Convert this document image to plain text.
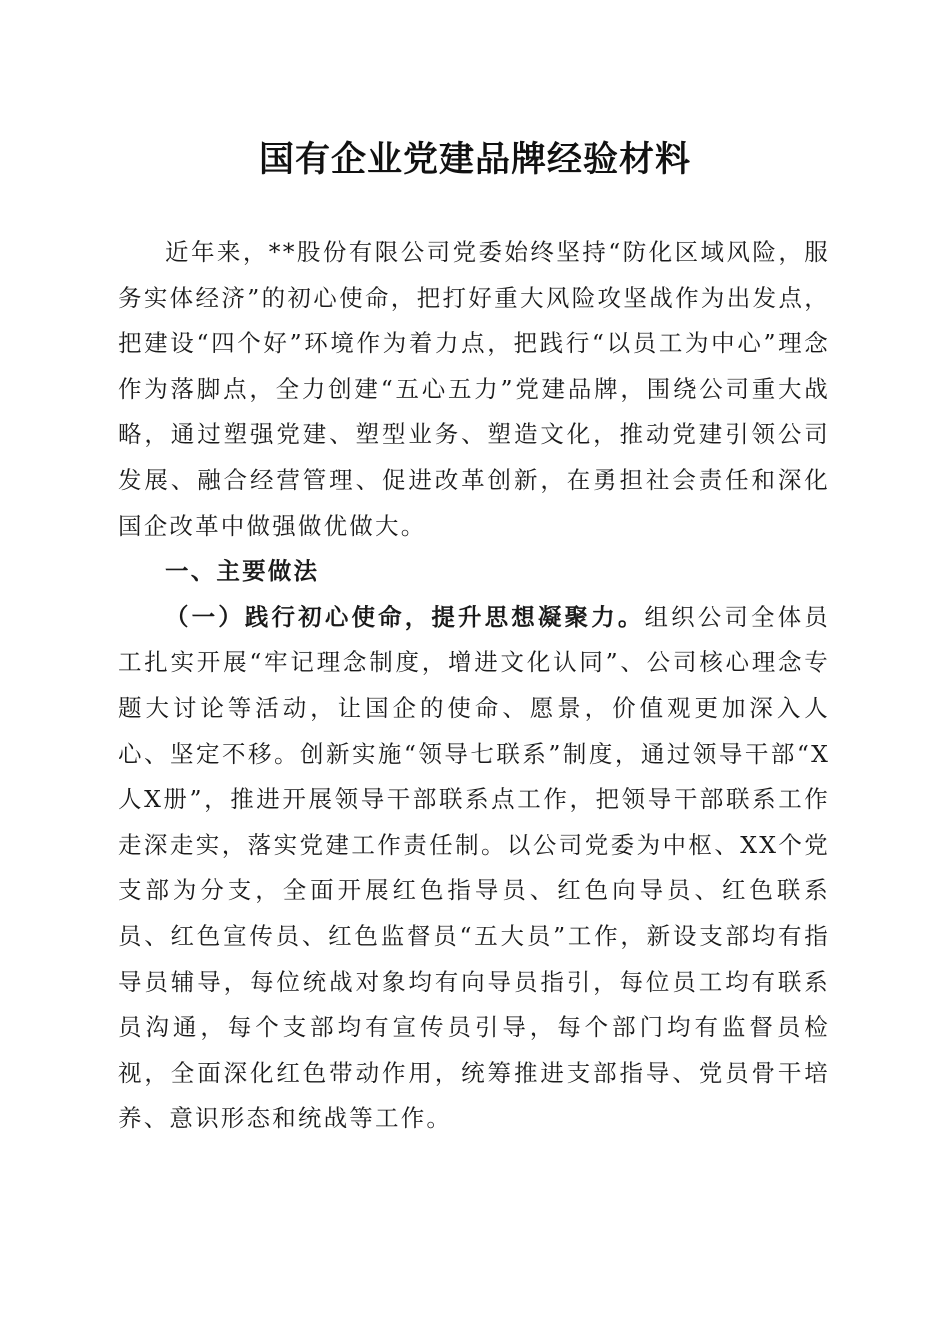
国有企业党建品牌经验材料

近年来，**股份有限公司党委始终坚持“防化区域风险，服务实体经济”的初心使命，把打好重大风险攻坚战作为出发点，把建设“四个好”环境作为着力点，把践行“以员工为中心”理念作为落脚点，全力创建“五心五力”党建品牌，围绕公司重大战略，通过塑强党建、塑型业务、塑造文化，推动党建引领公司发展、融合经营管理、促进改革创新，在勇担社会责任和深化国企改革中做强做优做大。

一、主要做法

（一）践行初心使命，提升思想凝聚力。组织公司全体员工扎实开展“牢记理念制度，增进文化认同”、公司核心理念专题大讨论等活动，让国企的使命、愿景，价值观更加深入人心、坚定不移。创新实施“领导七联系”制度，通过领导干部“X人X册”，推进开展领导干部联系点工作，把领导干部联系工作走深走实，落实党建工作责任制。以公司党委为中枢、XX个党支部为分支，全面开展红色指导员、红色向导员、红色联系员、红色宣传员、红色监督员“五大员”工作，新设支部均有指导员辅导，每位统战对象均有向导员指引，每位员工均有联系员沟通，每个支部均有宣传员引导，每个部门均有监督员检视，全面深化红色带动作用，统筹推进支部指导、党员骨干培养、意识形态和统战等工作。
